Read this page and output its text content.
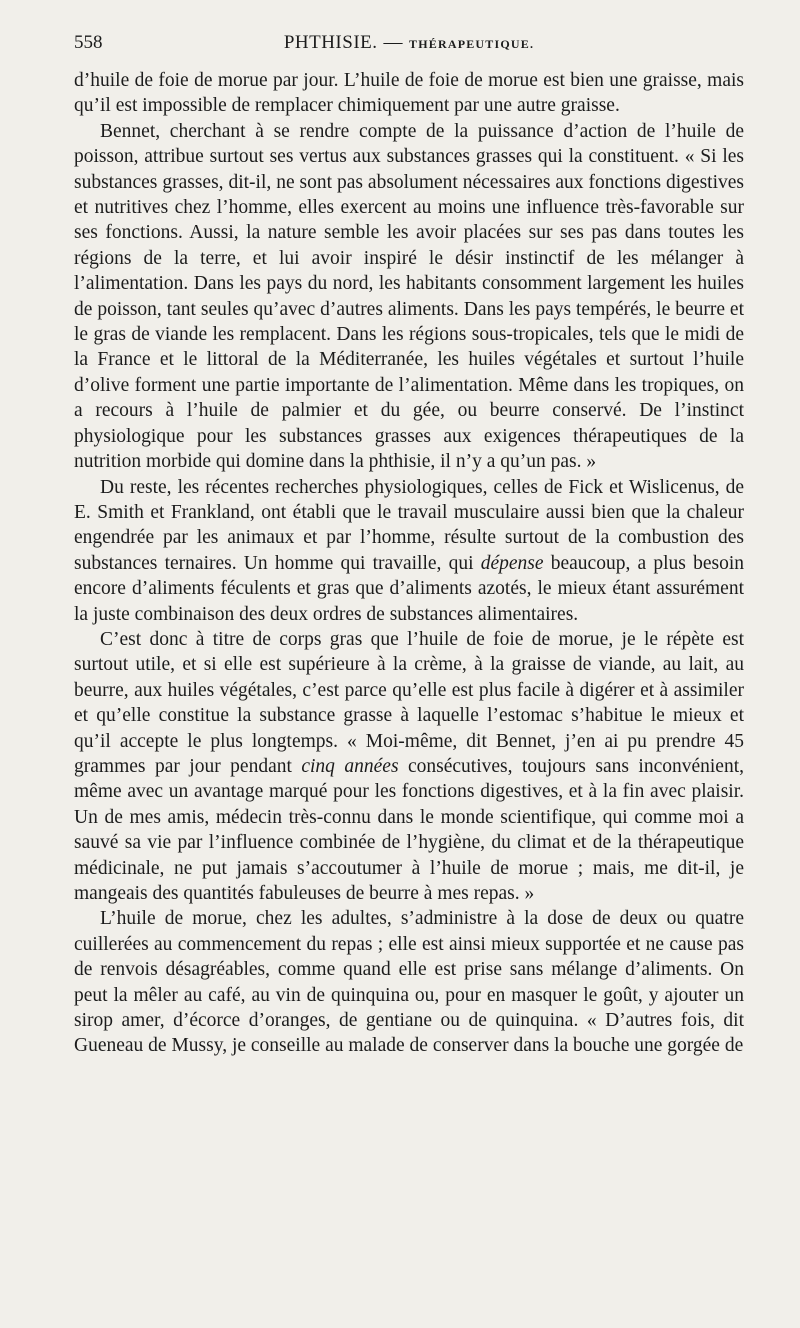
558	PHTHISIE. — THÉRAPEUTIQUE.

d’huile de foie de morue par jour. L’huile de foie de morue est bien une graisse, mais qu’il est impossible de remplacer chimiquement par une autre graisse.

Bennet, cherchant à se rendre compte de la puissance d’action de l’huile de poisson, attribue surtout ses vertus aux substances grasses qui la constituent. « Si les substances grasses, dit-il, ne sont pas absolument nécessaires aux fonctions digestives et nutritives chez l’homme, elles exercent au moins une influence très-favorable sur ses fonctions. Aussi, la nature semble les avoir placées sur ses pas dans toutes les régions de la terre, et lui avoir inspiré le désir instinctif de les mélanger à l’alimentation. Dans les pays du nord, les habitants consomment largement les huiles de poisson, tant seules qu’avec d’autres aliments. Dans les pays tempérés, le beurre et le gras de viande les remplacent. Dans les régions sous-tropicales, tels que le midi de la France et le littoral de la Méditerranée, les huiles végétales et surtout l’huile d’olive forment une partie importante de l’alimentation. Même dans les tropiques, on a recours à l’huile de palmier et du gée, ou beurre conservé. De l’instinct physiologique pour les substances grasses aux exigences thérapeutiques de la nutrition morbide qui domine dans la phthisie, il n’y a qu’un pas. »

Du reste, les récentes recherches physiologiques, celles de Fick et Wislicenus, de E. Smith et Frankland, ont établi que le travail musculaire aussi bien que la chaleur engendrée par les animaux et par l’homme, résulte surtout de la combustion des substances ternaires. Un homme qui travaille, qui dépense beaucoup, a plus besoin encore d’aliments féculents et gras que d’aliments azotés, le mieux étant assurément la juste combinaison des deux ordres de substances alimentaires.

C’est donc à titre de corps gras que l’huile de foie de morue, je le répète est surtout utile, et si elle est supérieure à la crème, à la graisse de viande, au lait, au beurre, aux huiles végétales, c’est parce qu’elle est plus facile à digérer et à assimiler et qu’elle constitue la substance grasse à laquelle l’estomac s’habitue le mieux et qu’il accepte le plus longtemps. « Moi-même, dit Bennet, j’en ai pu prendre 45 grammes par jour pendant cinq années consécutives, toujours sans inconvénient, même avec un avantage marqué pour les fonctions digestives, et à la fin avec plaisir. Un de mes amis, médecin très-connu dans le monde scientifique, qui comme moi a sauvé sa vie par l’influence combinée de l’hygiène, du climat et de la thérapeutique médicinale, ne put jamais s’accoutumer à l’huile de morue ; mais, me dit-il, je mangeais des quantités fabuleuses de beurre à mes repas. »

L’huile de morue, chez les adultes, s’administre à la dose de deux ou quatre cuillerées au commencement du repas ; elle est ainsi mieux supportée et ne cause pas de renvois désagréables, comme quand elle est prise sans mélange d’aliments. On peut la mêler au café, au vin de quinquina ou, pour en masquer le goût, y ajouter un sirop amer, d’écorce d’oranges, de gentiane ou de quinquina. « D’autres fois, dit Gueneau de Mussy, je conseille au malade de conserver dans la bouche une gorgée de
